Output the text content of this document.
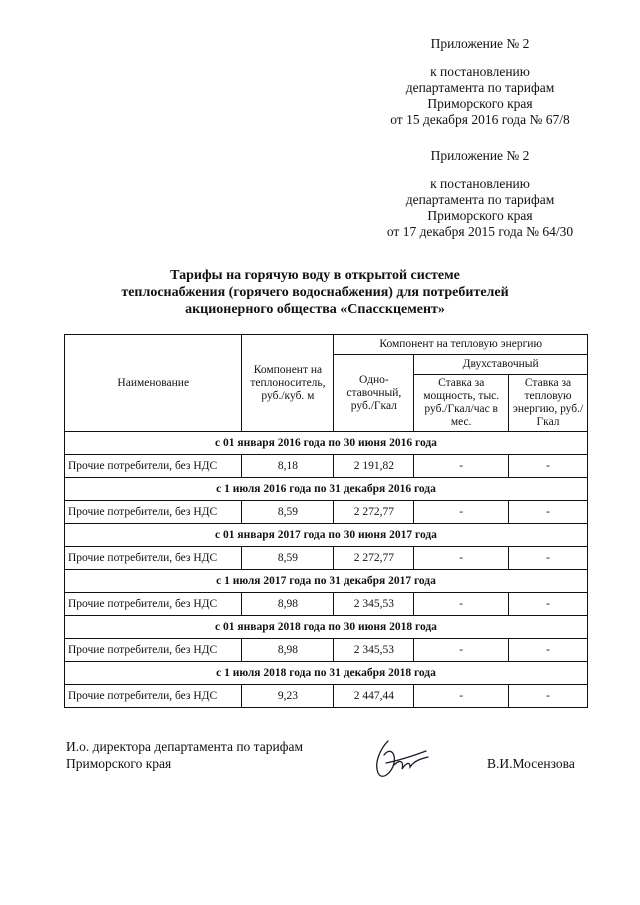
Приложение № 2
к постановлению
департамента по тарифам
Приморского края
от 15 декабря 2016 года № 67/8
Приложение № 2
к постановлению
департамента по тарифам
Приморского края
от 17 декабря 2015 года № 64/30
Тарифы на горячую воду в открытой системе
теплоснабжения (горячего водоснабжения) для потребителей
акционерного общества «Спасскцемент»
Наименование	Компонент на теплоноситель, руб./куб. м	Компонент на тепловую энергию		
		Одно-ставочный, руб./Гкал	Двухставочный	
			Ставка за мощность, тыс. руб./Гкал/час в мес.	Ставка за тепловую энергию, руб./Гкал
с 01 января 2016 года по 30 июня 2016 года				
Прочие потребители, без НДС	8,18	2 191,82	-	-
с 1 июля 2016 года по 31 декабря 2016 года				
Прочие потребители, без НДС	8,59	2 272,77	-	-
с 01 января 2017 года по 30 июня 2017 года				
Прочие потребители, без НДС	8,59	2 272,77	-	-
с 1 июля 2017 года по 31 декабря 2017 года				
Прочие потребители, без НДС	8,98	2 345,53	-	-
с 01 января 2018 года по 30 июня 2018 года				
Прочие потребители, без НДС	8,98	2 345,53	-	-
с 1 июля 2018 года по 31 декабря 2018 года				
Прочие потребители, без НДС	9,23	2 447,44	-	-
И.о. директора департамента по тарифам
Приморского края	В.И.Мосензова
